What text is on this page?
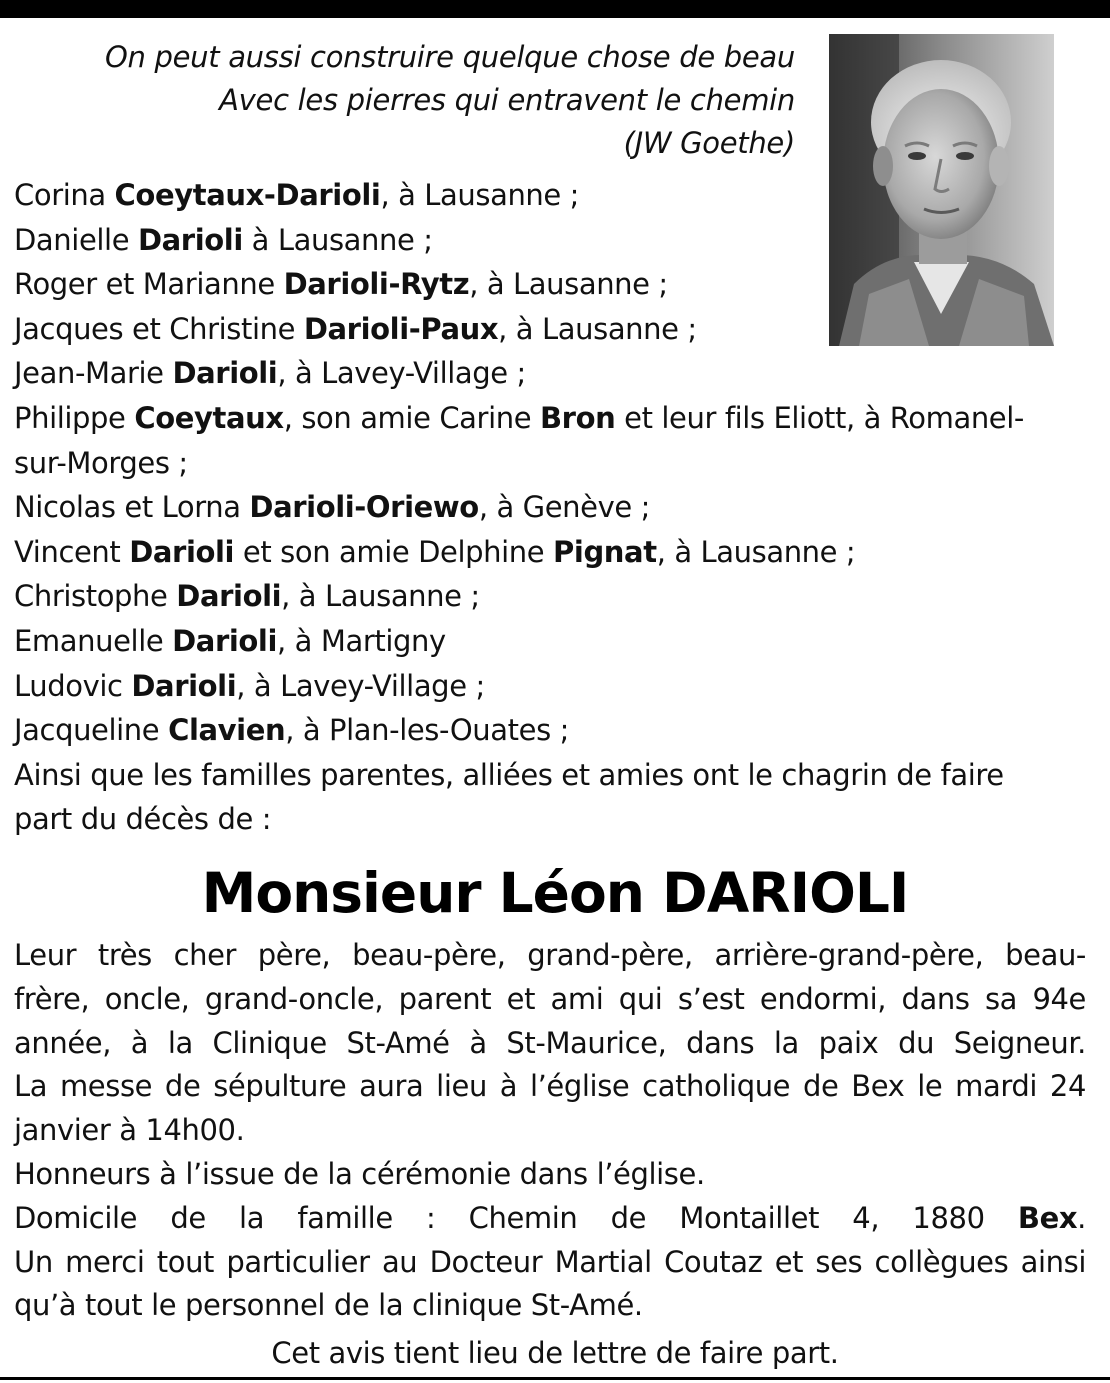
On peut aussi construire quelque chose de beau
Avec les pierres qui entravent le chemin
(JW Goethe)
Corina Coeytaux-Darioli, à Lausanne ;
Danielle Darioli à Lausanne ;
Roger et Marianne Darioli-Rytz, à Lausanne ;
Jacques et Christine Darioli-Paux, à Lausanne ;
Jean-Marie Darioli, à Lavey-Village ;
Philippe Coeytaux, son amie Carine Bron et leur fils Eliott, à Romanel-
sur-Morges ;
Nicolas et Lorna Darioli-Oriewo, à Genève ;
Vincent Darioli et son amie Delphine Pignat, à Lausanne ;
Christophe Darioli, à Lausanne ;
Emanuelle Darioli, à Martigny
Ludovic Darioli, à Lavey-Village ;
Jacqueline Clavien, à Plan-les-Ouates ;
Ainsi que les familles parentes, alliées et amies ont le chagrin de faire
part du décès de :
Monsieur Léon DARIOLI
Leur très cher père, beau-père, grand-père, arrière-grand-père, beau-
frère, oncle, grand-oncle, parent et ami qui s’est endormi, dans sa 94e
année, à la Clinique St-Amé à St-Maurice, dans la paix du Seigneur.
La messe de sépulture aura lieu à l’église catholique de Bex le mardi 24
janvier à 14h00.
Honneurs à l’issue de la cérémonie dans l’église.
Domicile de la famille : Chemin de Montaillet 4, 1880 Bex.
Un merci tout particulier au Docteur Martial Coutaz et ses collègues ainsi
qu’à tout le personnel de la clinique St-Amé.
Cet avis tient lieu de lettre de faire part.
